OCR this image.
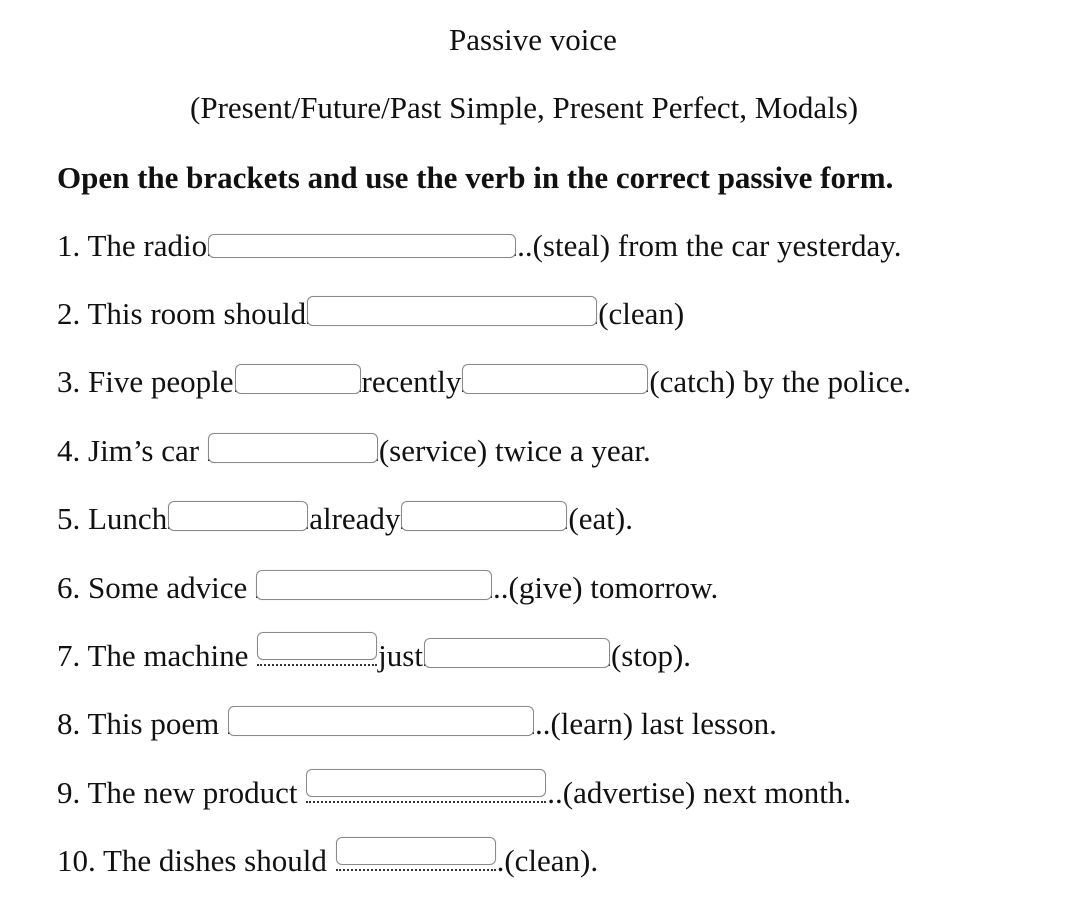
Passive voice
(Present/Future/Past Simple, Present Perfect, Modals)
Open the brackets and use the verb in the correct passive form.
1. The radio	..(steal) from the car yesterday.
2. This room should	(clean)
3. Five people	recently	(catch) by the police.
4. Jim’s car	(service) twice a year.
5. Lunch	already	(eat).
6. Some advice	..(give) tomorrow.
7. The machine	just	(stop).
8. This poem	..(learn) last lesson.
9. The new product	..(advertise) next month.
10. The dishes should	.(clean).
